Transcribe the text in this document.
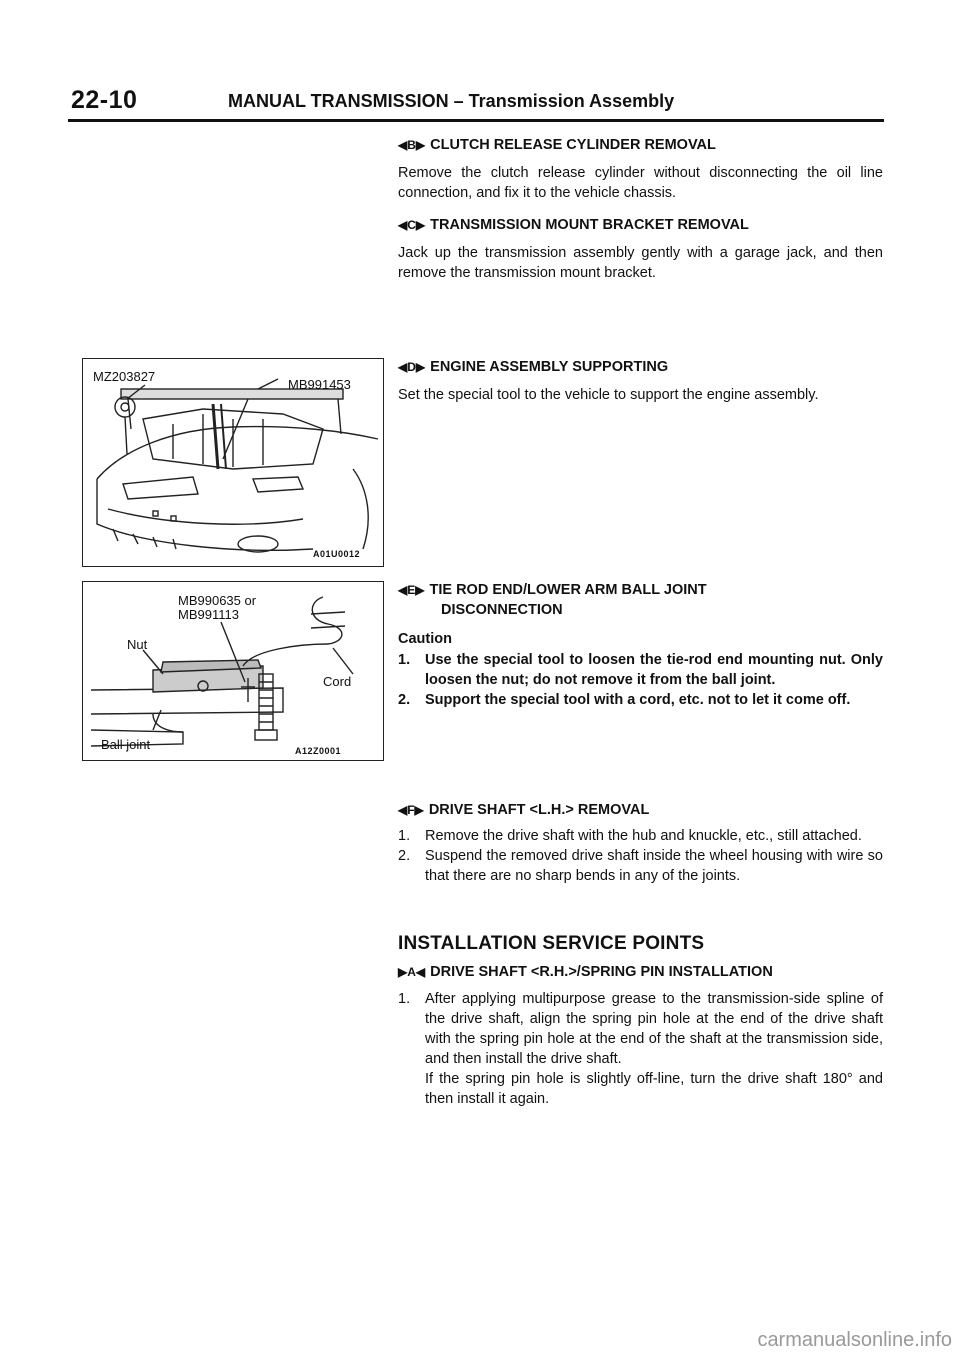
22-10	MANUAL TRANSMISSION – Transmission Assembly
MZ203827
MB991453
A01U0012
MB990635 or
MB991113
Nut
Cord
Ball joint	A12Z0001
◀B▶ CLUTCH RELEASE CYLINDER REMOVAL
Remove the clutch release cylinder without disconnecting the oil line connection, and fix it to the vehicle chassis.
◀C▶ TRANSMISSION MOUNT BRACKET REMOVAL
Jack up the transmission assembly gently with a garage jack, and then remove the transmission mount bracket.
◀D▶ ENGINE ASSEMBLY SUPPORTING
Set the special tool to the vehicle to support the engine assembly.
◀E▶ TIE ROD END/LOWER ARM BALL JOINT
DISCONNECTION
Caution
1.	Use the special tool to loosen the tie-rod end mounting nut. Only loosen the nut; do not remove it from the ball joint.
2.	Support the special tool with a cord, etc. not to let it come off.
◀F▶ DRIVE SHAFT <L.H.> REMOVAL
1.	Remove the drive shaft with the hub and knuckle, etc., still attached.
2.	Suspend the removed drive shaft inside the wheel housing with wire so that there are no sharp bends in any of the joints.
INSTALLATION SERVICE POINTS
▶A◀ DRIVE SHAFT <R.H.>/SPRING PIN INSTALLATION
1.	After applying multipurpose grease to the transmission-side spline of the drive shaft, align the spring pin hole at the end of the drive shaft with the spring pin hole at the end of the shaft at the transmission side, and then install the drive shaft.
If the spring pin hole is slightly off-line, turn the drive shaft 180° and then install it again.
carmanualsonline.info
